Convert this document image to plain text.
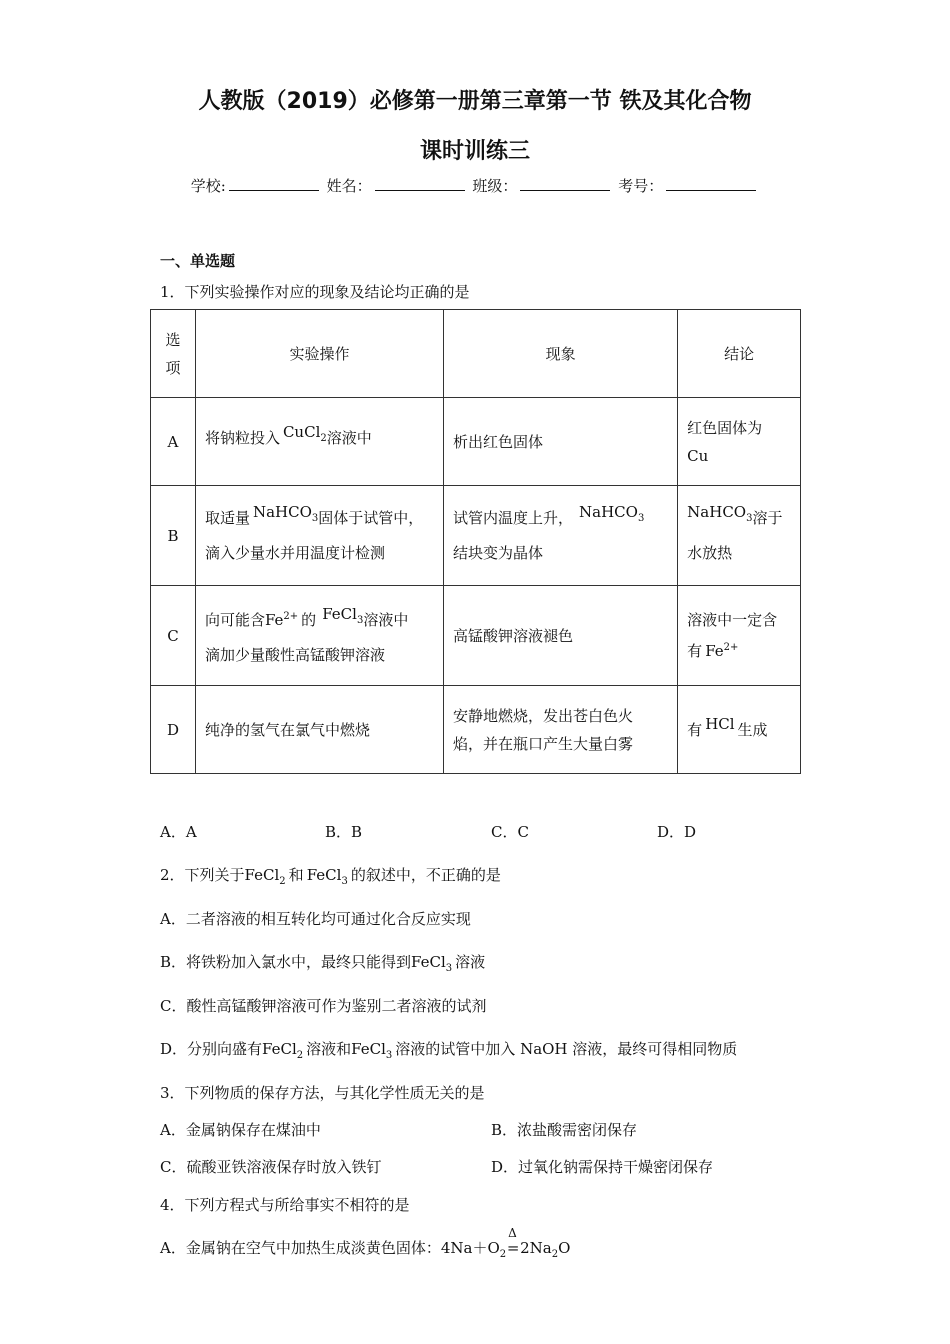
人教版（2019）必修第一册第三章第一节 铁及其化合物
课时训练三
学校:	姓名：	班级：	考号：
一、单选题
1．下列实验操作对应的现象及结论均正确的是
选
项	实验操作	现象	结论
A	将钠粒投入  CuCl$_2$溶液中	析出红色固体	红色固体为
Cu
B	取适量  NaHCO$_3$固体于试管中，
滴入少量水并用温度计检测	试管内温度上升，   NaHCO$_3$
结块变为晶体	NaHCO$_3$溶于
水放热
C	向可能含$Fe^{2+}$  的   FeCl$_3$溶液中
滴加少量酸性高锰酸钾溶液	高锰酸钾溶液褪色	溶液中一定含
有  $Fe^{2+}$
D	纯净的氢气在氯气中燃烧	安静地燃烧，发出苍白色火
焰，并在瓶口产生大量白雾	有  HCl  生成
A．A	B．B	C．C	D．D
2．下列关于FeCl$_2$  和  FeCl$_3$  的叙述中，不正确的是
A．二者溶液的相互转化均可通过化合反应实现
B．将铁粉加入氯水中，最终只能得到FeCl$_3$  溶液
C．酸性高锰酸钾溶液可作为鉴别二者溶液的试剂
D．分别向盛有FeCl$_2$  溶液和FeCl$_3$  溶液的试管中加入 NaOH 溶液，最终可得相同物质
3．下列物质的保存方法，与其化学性质无关的是
A．金属钠保存在煤油中	B．浓盐酸需密闭保存
C．硫酸亚铁溶液保存时放入铁钉	D．过氧化钠需保持干燥密闭保存
4．下列方程式与所给事实不相符的是
A．金属钠在空气中加热生成淡黄色固体：$4Na+O_2$
Δ
$=2Na_2O$
